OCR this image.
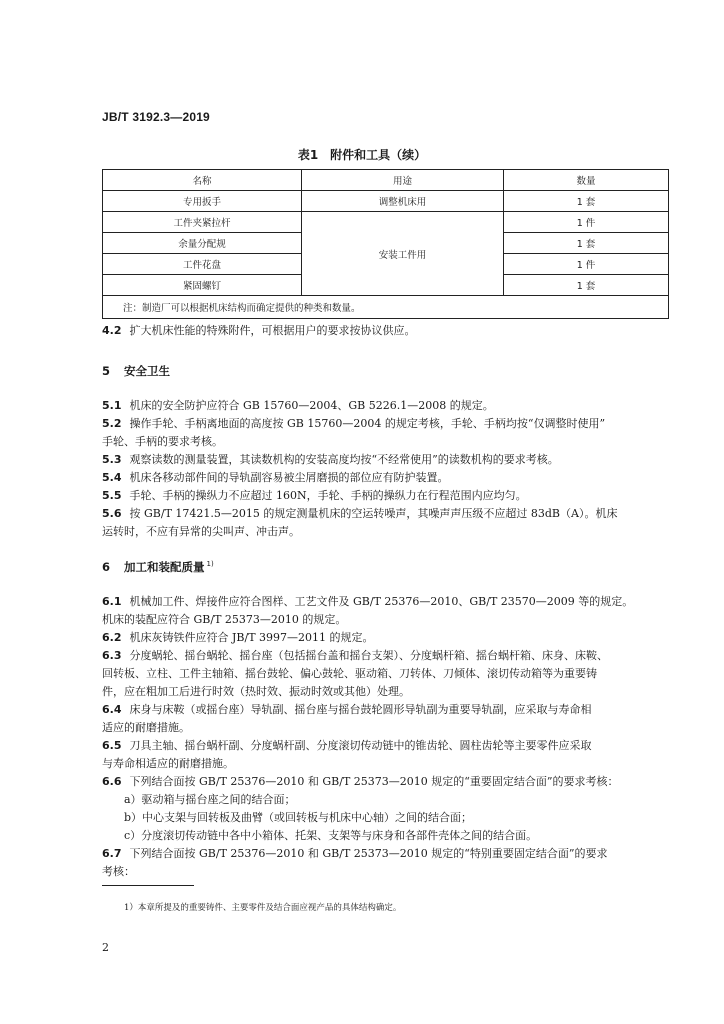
JB/T 3192.3—2019
表1　附件和工具（续）
名称	用途	数量
专用扳手	调整机床用	1 套
工件夹紧拉杆	安装工件用	1 件
余量分配规		1 套
工件花盘		1 件
紧固螺钉		1 套
注：制造厂可以根据机床结构而确定提供的种类和数量。		
4.2 扩大机床性能的特殊附件，可根据用户的要求按协议供应。
5 安全卫生
5.1 机床的安全防护应符合 GB 15760—2004、GB 5226.1—2008 的规定。
5.2 操作手轮、手柄离地面的高度按 GB 15760—2004 的规定考核，手轮、手柄均按“仅调整时使用”
手轮、手柄的要求考核。
5.3 观察读数的测量装置，其读数机构的安装高度均按“不经常使用”的读数机构的要求考核。
5.4 机床各移动部件间的导轨副容易被尘屑磨损的部位应有防护装置。
5.5 手轮、手柄的操纵力不应超过 160N，手轮、手柄的操纵力在行程范围内应均匀。
5.6 按 GB/T 17421.5—2015 的规定测量机床的空运转噪声，其噪声声压级不应超过 83dB（A）。机床
运转时，不应有异常的尖叫声、冲击声。
6 加工和装配质量 $^{1)}$
6.1 机械加工件、焊接件应符合图样、工艺文件及 GB/T 25376—2010、GB/T 23570—2009 等的规定。
机床的装配应符合 GB/T 25373—2010 的规定。
6.2 机床灰铸铁件应符合 JB/T 3997—2011 的规定。
6.3 分度蜗轮、摇台蜗轮、摇台座（包括摇台盖和摇台支架）、分度蜗杆箱、摇台蜗杆箱、床身、床鞍、
回转板、立柱、工件主轴箱、摇台鼓轮、偏心鼓轮、驱动箱、刀转体、刀倾体、滚切传动箱等为重要铸
件，应在粗加工后进行时效（热时效、振动时效或其他）处理。
6.4 床身与床鞍（或摇台座）导轨副、摇台座与摇台鼓轮圆形导轨副为重要导轨副，应采取与寿命相
适应的耐磨措施。
6.5 刀具主轴、摇台蜗杆副、分度蜗杆副、分度滚切传动链中的锥齿轮、圆柱齿轮等主要零件应采取
与寿命相适应的耐磨措施。
6.6 下列结合面按 GB/T 25376—2010 和 GB/T 25373—2010 规定的“重要固定结合面”的要求考核：
a）驱动箱与摇台座之间的结合面；
b）中心支架与回转板及曲臂（或回转板与机床中心轴）之间的结合面；
c）分度滚切传动链中各中小箱体、托架、支架等与床身和各部件壳体之间的结合面。
6.7 下列结合面按 GB/T 25376—2010 和 GB/T 25373—2010 规定的“特别重要固定结合面”的要求
考核：
1）本章所提及的重要铸件、主要零件及结合面应视产品的具体结构确定。
2
